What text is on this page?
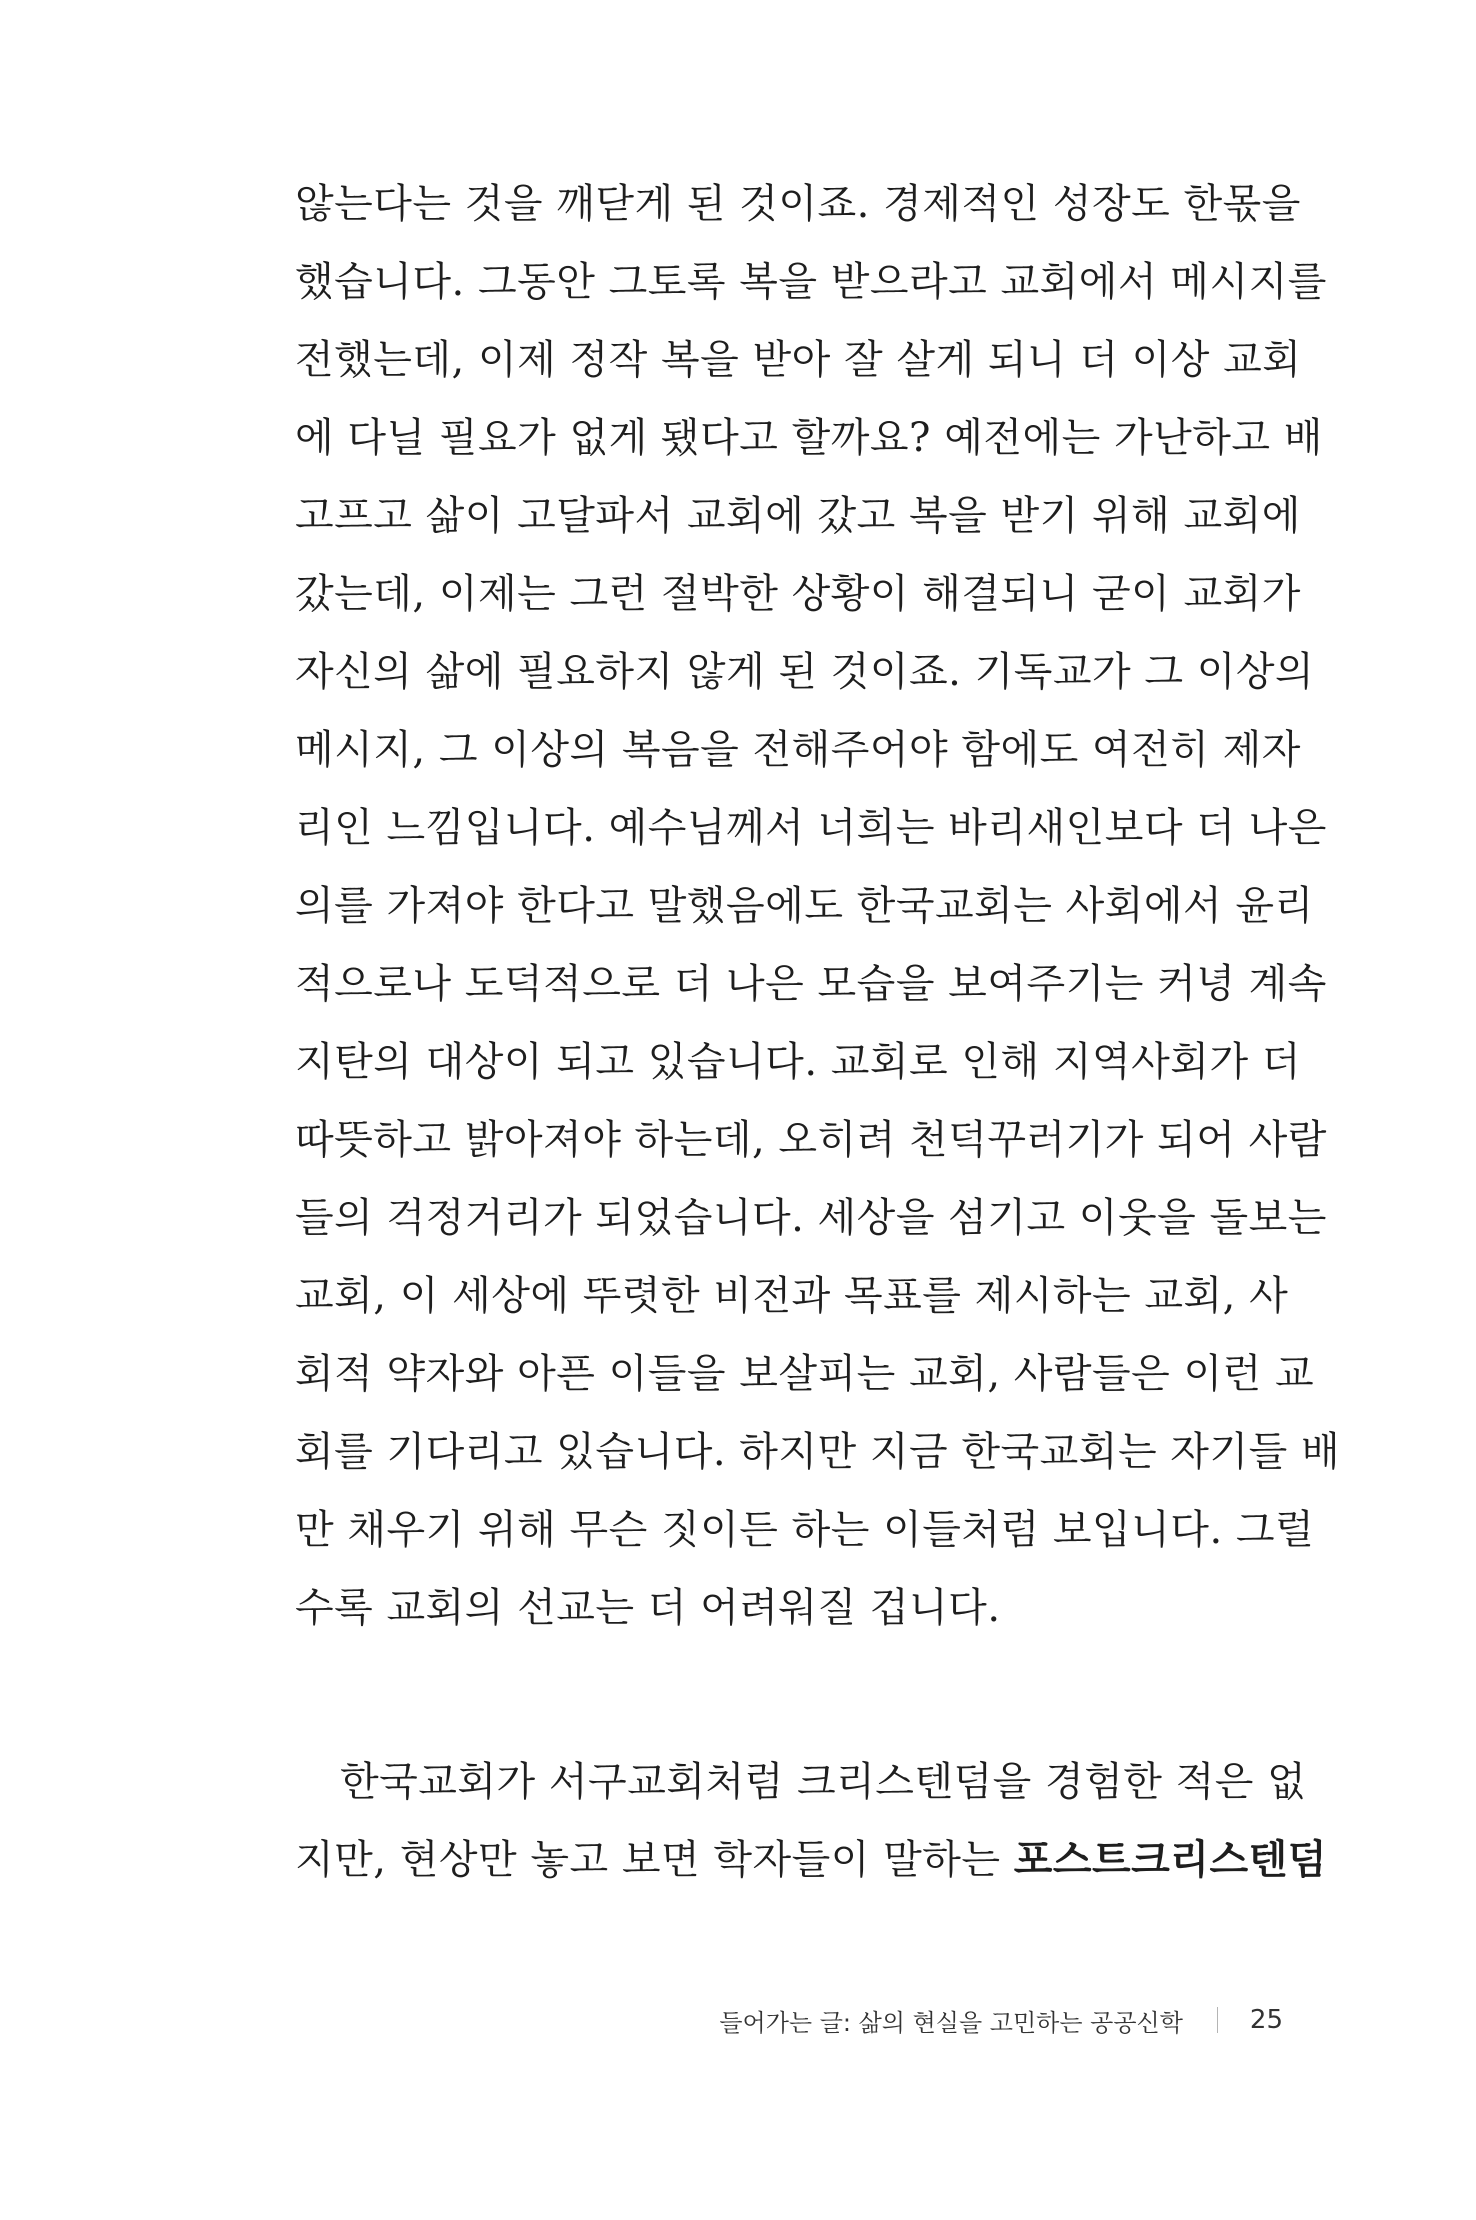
않는다는 것을 깨닫게 된 것이죠. 경제적인 성장도 한몫을
했습니다. 그동안 그토록 복을 받으라고 교회에서 메시지를
전했는데, 이제 정작 복을 받아 잘 살게 되니 더 이상 교회
에 다닐 필요가 없게 됐다고 할까요? 예전에는 가난하고 배
고프고 삶이 고달파서 교회에 갔고 복을 받기 위해 교회에
갔는데, 이제는 그런 절박한 상황이 해결되니 굳이 교회가
자신의 삶에 필요하지 않게 된 것이죠. 기독교가 그 이상의
메시지, 그 이상의 복음을 전해주어야 함에도 여전히 제자
리인 느낌입니다. 예수님께서 너희는 바리새인보다 더 나은
의를 가져야 한다고 말했음에도 한국교회는 사회에서 윤리
적으로나 도덕적으로 더 나은 모습을 보여주기는 커녕 계속
지탄의 대상이 되고 있습니다. 교회로 인해 지역사회가 더
따뜻하고 밝아져야 하는데, 오히려 천덕꾸러기가 되어 사람
들의 걱정거리가 되었습니다. 세상을 섬기고 이웃을 돌보는
교회, 이 세상에 뚜렷한 비전과 목표를 제시하는 교회, 사
회적 약자와 아픈 이들을 보살피는 교회, 사람들은 이런 교
회를 기다리고 있습니다. 하지만 지금 한국교회는 자기들 배
만 채우기 위해 무슨 짓이든 하는 이들처럼 보입니다. 그럴
수록 교회의 선교는 더 어려워질 겁니다.
한국교회가 서구교회처럼 크리스텐덤을 경험한 적은 없
지만, 현상만 놓고 보면 학자들이 말하는 포스트크리스텐덤
들어가는 글: 삶의 현실을 고민하는 공공신학	25
